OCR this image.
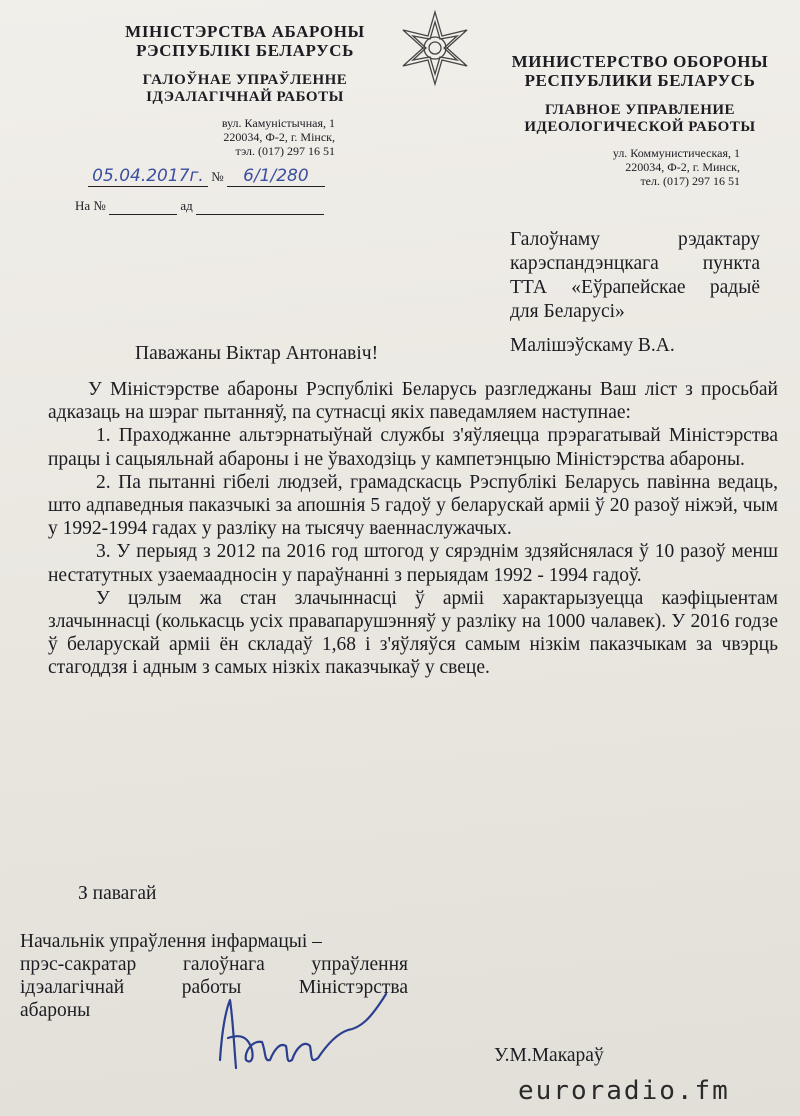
МІНІСТЭРСТВА АБАРОНЫ
РЭСПУБЛІКІ БЕЛАРУСЬ
ГАЛОЎНАЕ УПРАЎЛЕННЕ
ІДЭАЛАГІЧНАЙ РАБОТЫ
вул. Камуністычная, 1
220034, Ф-2, г. Мінск,
тэл. (017) 297 16 51
МИНИСТЕРСТВО ОБОРОНЫ
РЕСПУБЛИКИ БЕЛАРУСЬ
ГЛАВНОЕ УПРАВЛЕНИЕ
ИДЕОЛОГИЧЕСКОЙ РАБОТЫ
ул. Коммунистическая, 1
220034, Ф-2, г. Минск,
тел. (017) 297 16 51
05.04.2017г. № 6/1/280
На №	ад
Галоўнаму	рэдактару
карэспандэнцкага пункта
ТТА «Еўрапейскае радыё
для Беларусі»
Малішэўскаму В.А.
Паважаны Віктар Антонавіч!

У Міністэрстве абароны Рэспублікі Беларусь разгледжаны Ваш ліст з просьбай адказаць на шэраг пытанняў, па сутнасці якіх паведамляем наступнае:

1. Праходжанне альтэрнатыўнай службы з'яўляецца прэрагатывай Міністэрства працы і сацыяльнай абароны і не ўваходзіць у кампетэнцыю Міністэрства абароны.

2. Па пытанні гібелі людзей, грамадскасць Рэспублікі Беларусь павінна ведаць, што адпаведныя паказчыкі за апошнія 5 гадоў у беларускай арміі ў 20 разоў ніжэй, чым у 1992-1994 гадах у разліку на тысячу ваеннаслужачых.

3. У перыяд з 2012 па 2016 год штогод у сярэднім здзяйснялася ў 10 разоў менш нестатутных узаемаадносін у параўнанні з перыядам 1992 - 1994 гадоў.

У цэлым жа стан злачыннасці ў арміі характарызуецца каэфіцыентам злачыннасці (колькасць усіх правапарушэнняў у разліку на 1000 чалавек). У 2016 годзе ў беларускай арміі ён складаў 1,68 і з'яўляўся самым нізкім паказчыкам за чвэрць стагоддзя і адным з самых нізкіх паказчыкаў у свеце.

З павагай
Начальнік упраўлення інфармацыі –
прэс-сакратар галоўнага упраўлення
ідэалагічнай	работы	Міністэрства
абароны
У.М.Макараў
euroradio.fm
